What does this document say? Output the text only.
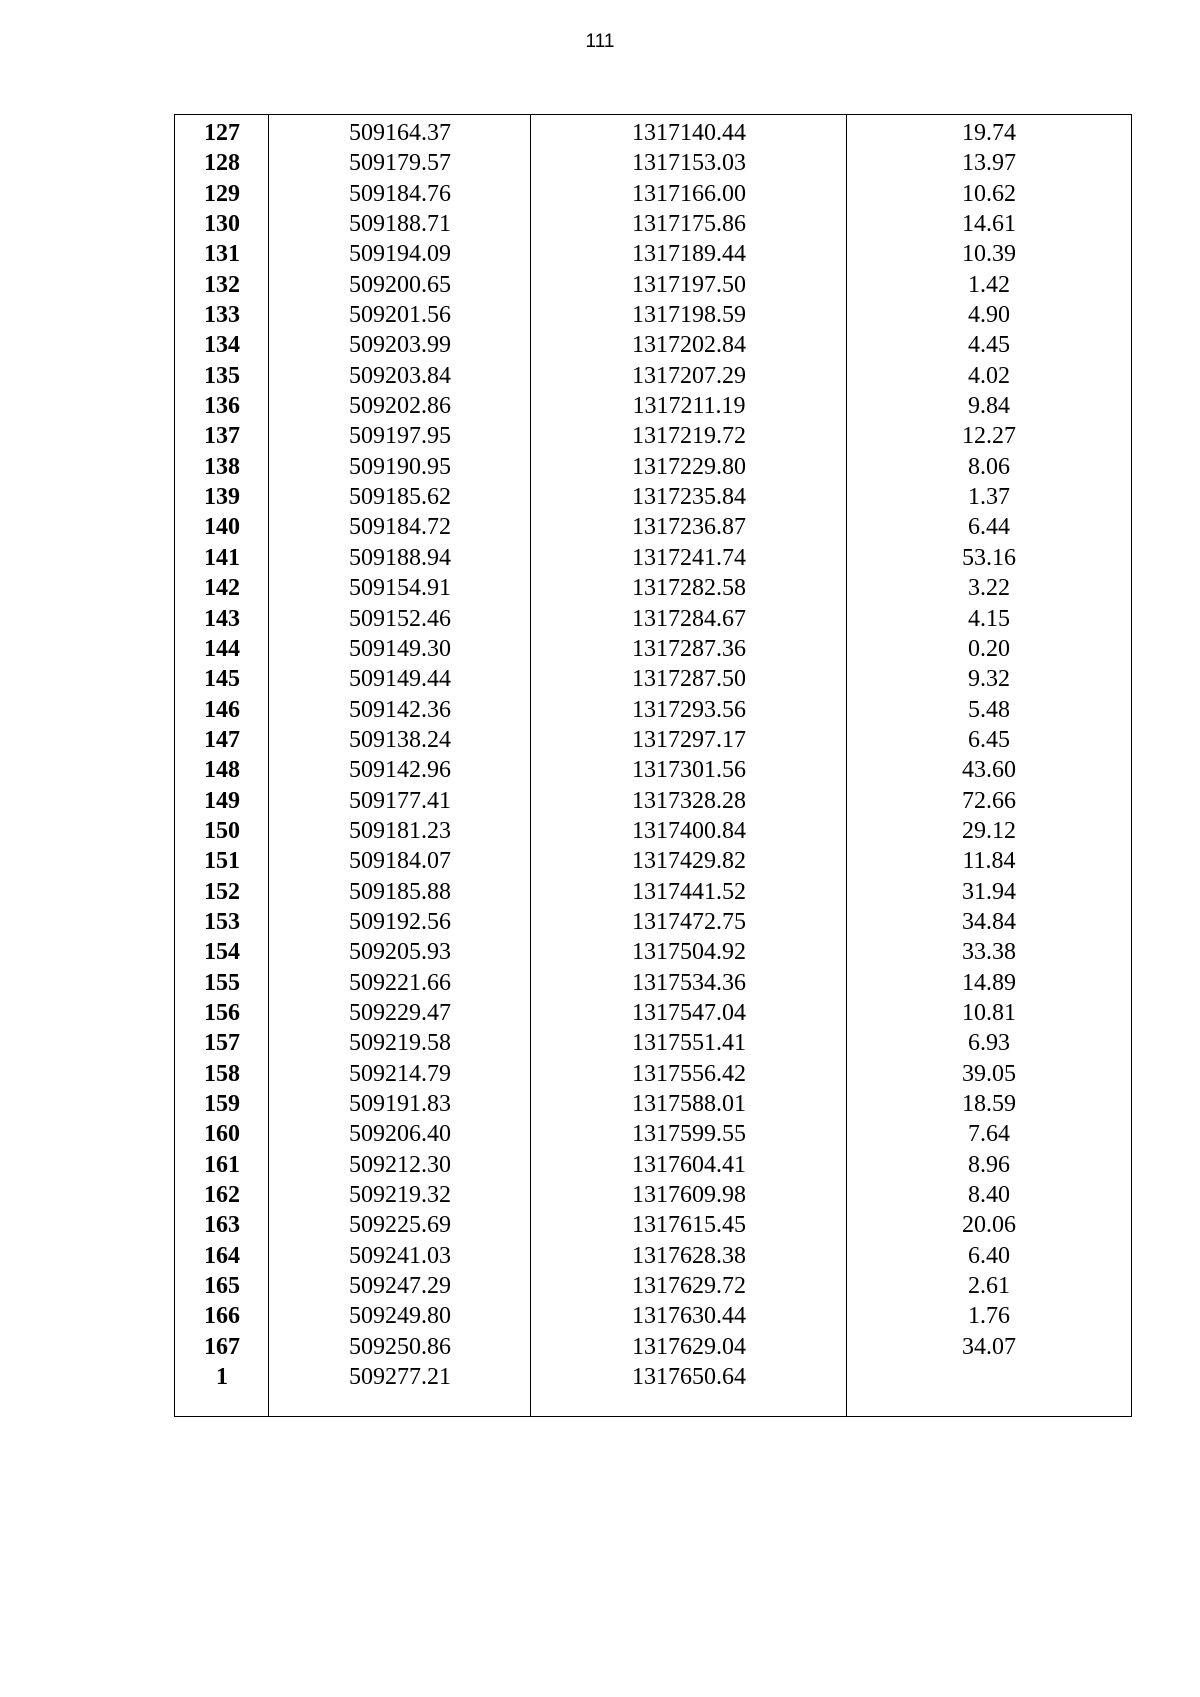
111
127	509164.37	1317140.44	19.74
128	509179.57	1317153.03	13.97
129	509184.76	1317166.00	10.62
130	509188.71	1317175.86	14.61
131	509194.09	1317189.44	10.39
132	509200.65	1317197.50	1.42
133	509201.56	1317198.59	4.90
134	509203.99	1317202.84	4.45
135	509203.84	1317207.29	4.02
136	509202.86	1317211.19	9.84
137	509197.95	1317219.72	12.27
138	509190.95	1317229.80	8.06
139	509185.62	1317235.84	1.37
140	509184.72	1317236.87	6.44
141	509188.94	1317241.74	53.16
142	509154.91	1317282.58	3.22
143	509152.46	1317284.67	4.15
144	509149.30	1317287.36	0.20
145	509149.44	1317287.50	9.32
146	509142.36	1317293.56	5.48
147	509138.24	1317297.17	6.45
148	509142.96	1317301.56	43.60
149	509177.41	1317328.28	72.66
150	509181.23	1317400.84	29.12
151	509184.07	1317429.82	11.84
152	509185.88	1317441.52	31.94
153	509192.56	1317472.75	34.84
154	509205.93	1317504.92	33.38
155	509221.66	1317534.36	14.89
156	509229.47	1317547.04	10.81
157	509219.58	1317551.41	6.93
158	509214.79	1317556.42	39.05
159	509191.83	1317588.01	18.59
160	509206.40	1317599.55	7.64
161	509212.30	1317604.41	8.96
162	509219.32	1317609.98	8.40
163	509225.69	1317615.45	20.06
164	509241.03	1317628.38	6.40
165	509247.29	1317629.72	2.61
166	509249.80	1317630.44	1.76
167	509250.86	1317629.04	34.07
1	509277.21	1317650.64
